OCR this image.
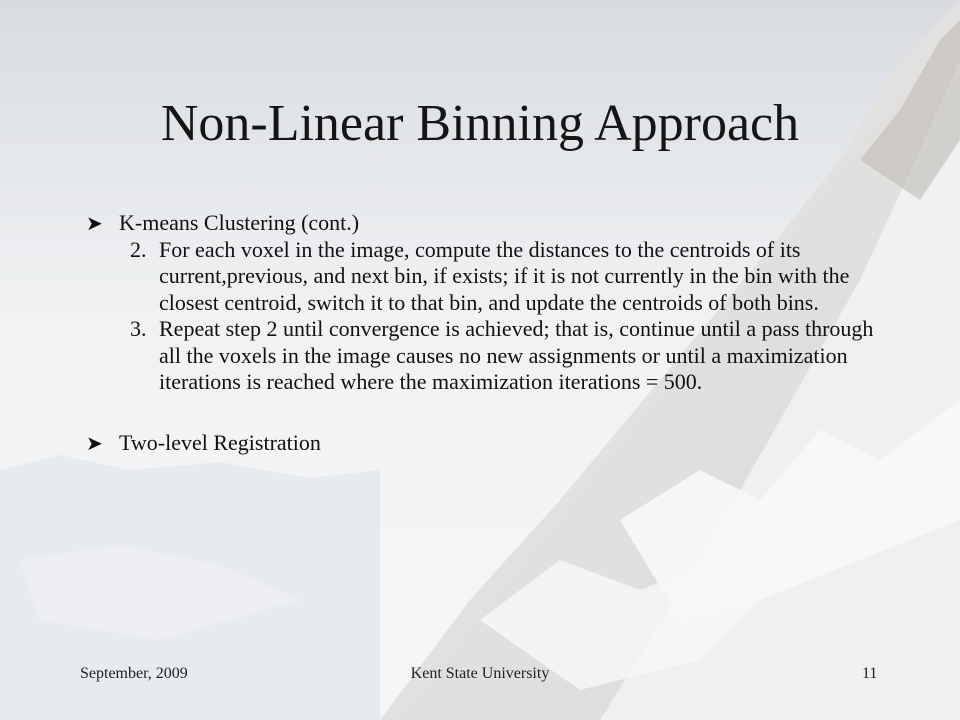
Non-Linear Binning Approach
➤ K-means Clustering (cont.)
2. For each voxel in the image, compute the distances to the centroids of its current,previous, and next bin, if exists; if it is not currently in the bin with the closest centroid, switch it to that bin, and update the centroids of both bins.
3. Repeat step 2 until convergence is achieved; that is, continue until a pass through all the voxels in the image causes no new assignments or until a maximization iterations is reached where the maximization iterations = 500.
➤ Two-level Registration
September, 2009	Kent State University	11
